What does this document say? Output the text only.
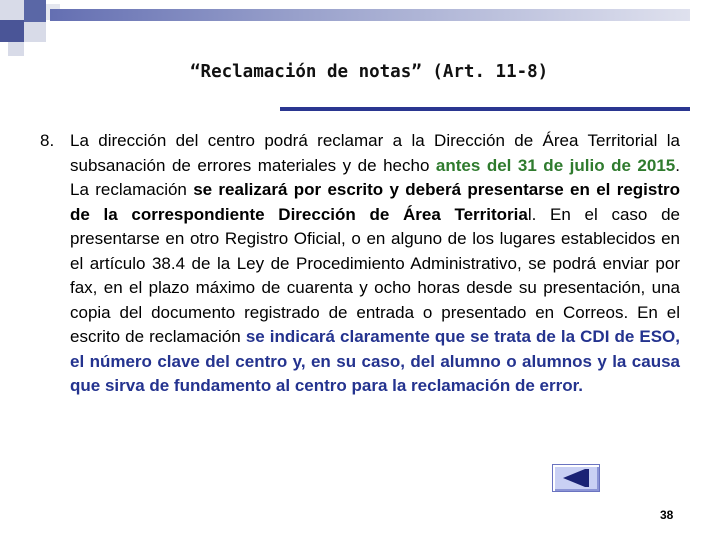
“Reclamación de notas” (Art. 11-8)
8. La dirección del centro podrá reclamar a la Dirección de Área Territorial la subsanación de errores materiales y de hecho antes del 31 de julio de 2015. La reclamación se realizará por escrito y deberá presentarse en el registro de la correspondiente Dirección de Área Territorial. En el caso de presentarse en otro Registro Oficial, o en alguno de los lugares establecidos en el artículo 38.4 de la Ley de Procedimiento Administrativo, se podrá enviar por fax, en el plazo máximo de cuarenta y ocho horas desde su presentación, una copia del documento registrado de entrada o presentado en Correos. En el escrito de reclamación se indicará claramente que se trata de la CDI de ESO, el número clave del centro y, en su caso, del alumno o alumnos y la causa que sirva de fundamento al centro para la reclamación de error.
38
